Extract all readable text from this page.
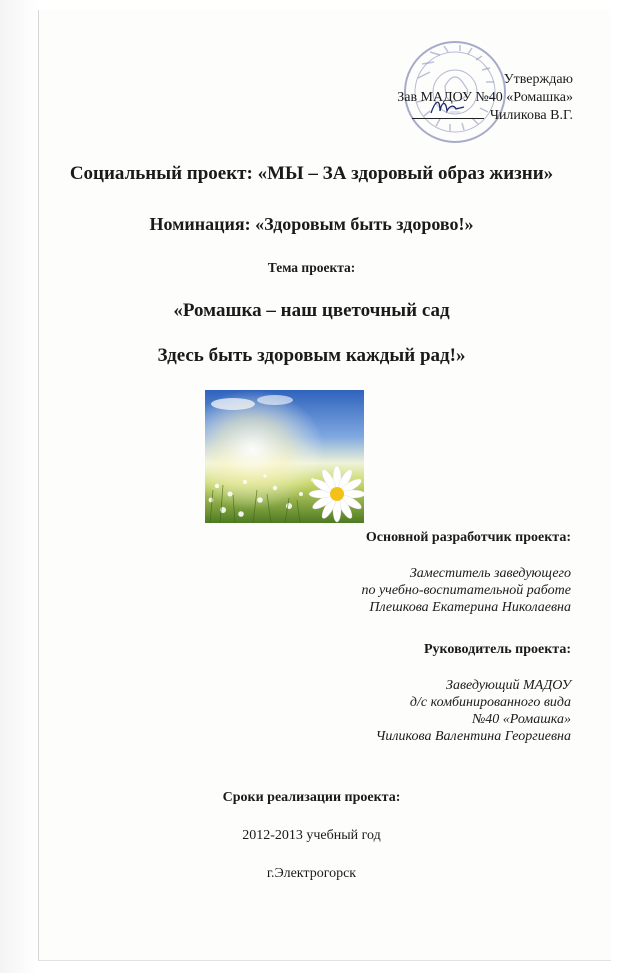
Утверждаю
Зав МАДОУ №40 «Ромашка»
Чиликова В.Г.
Социальный проект: «МЫ – ЗА здоровый образ жизни»
Номинация: «Здоровым быть здорово!»
Тема проекта:
«Ромашка – наш цветочный сад
Здесь быть здоровым каждый рад!»
Основной разработчик проекта:
Заместитель заведующего
по учебно-воспитательной работе
Плешкова Екатерина Николаевна
Руководитель проекта:
Заведующий МАДОУ
д/с комбинированного вида
№40 «Ромашка»
Чиликова Валентина Георгиевна
Сроки реализации проекта:
2012-2013 учебный год
г.Электрогорск
